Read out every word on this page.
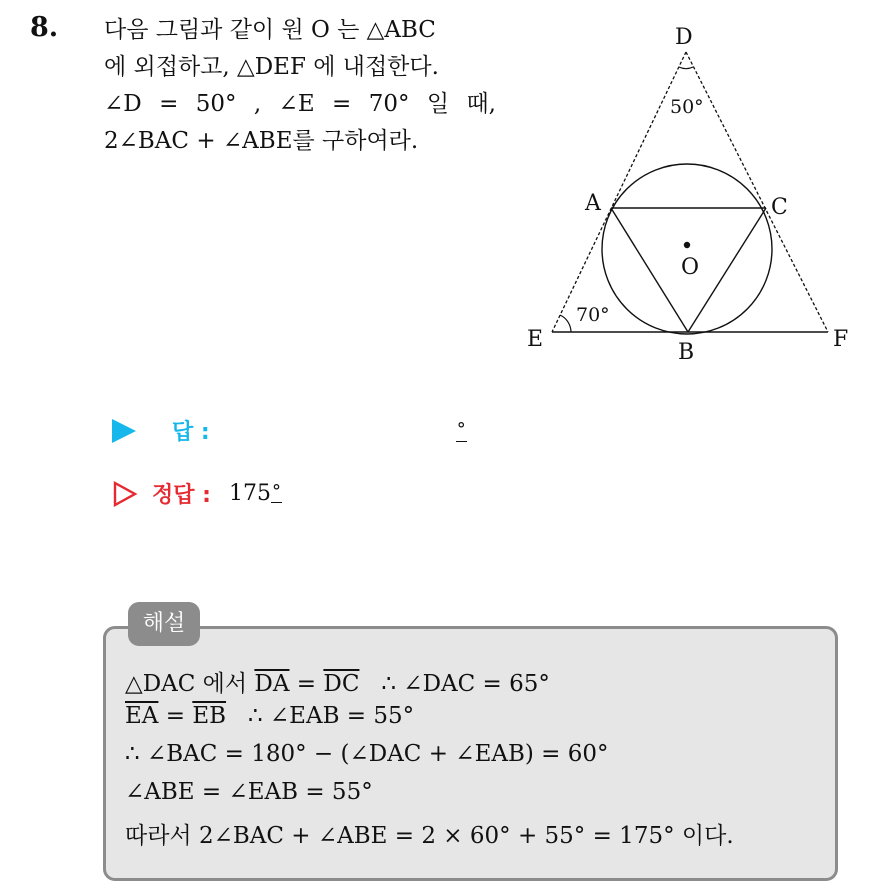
8. 다음 그림과 같이 원 O 는 △ABC
에 외접하고, △DEF 에 내접한다.
∠D = 50° , ∠E = 70° 일 때,
2∠BAC + ∠ABE를 구하여라.
D
A	C
O
E
B
F
50°
70°
답 :	°
정답 : 175°
해설
△DAC 에서 $\overline{DA} = \overline{DC}$   ∴ ∠DAC = 65°
$\overline{EA} = \overline{EB}$   ∴ ∠EAB = 55°
∴ ∠BAC = 180° − (∠DAC + ∠EAB) = 60°
∠ABE = ∠EAB = 55°
따라서 2∠BAC + ∠ABE = 2 × 60° + 55° = 175° 이다.
